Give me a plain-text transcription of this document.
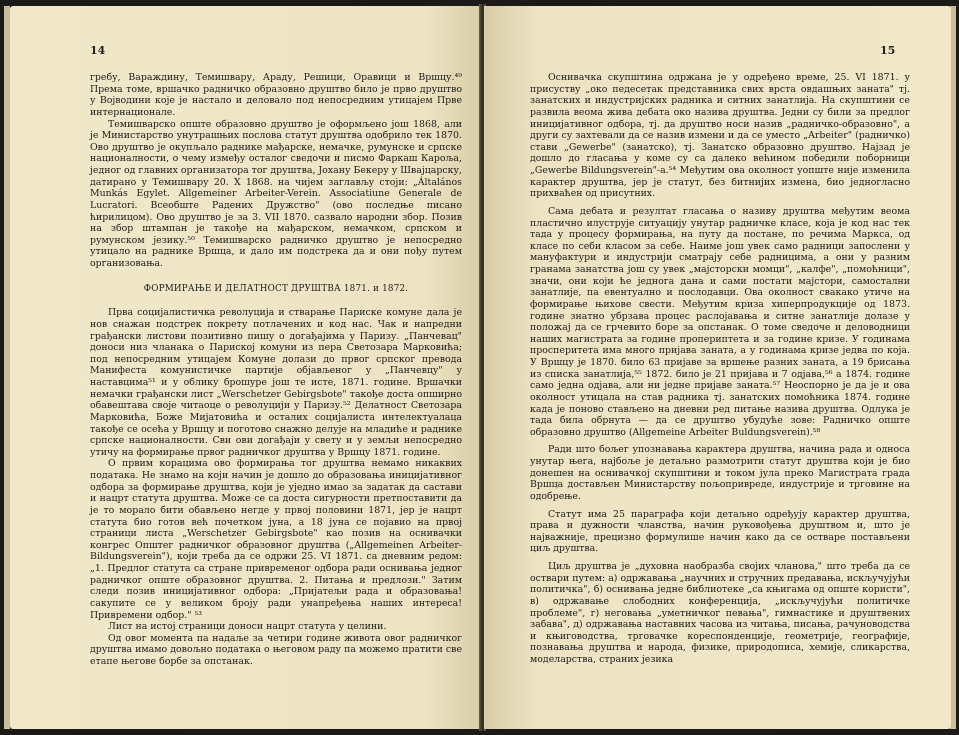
14

гребу, Вараждину, Темишвару, Араду, Решици, Оравици и Вршцу.⁴⁹ Према томе, вршачко радничко образовно друштво било је прво друштво у Војводини које је настало и деловало под непосредним утицајем Прве интернационале.

Темишварско опште образовно друштво је оформљено још 1868, али је Министарство унутрашњих послова статут друштва одобрило тек 1870. Ово друштво је окупљало раднике мађарске, немачке, румунске и српске националности, о чему између осталог сведочи и писмо Фаркаш Карољa, једног од главних организатора тог друштва, Јохану Бекеру у Швајцарску, датирано у Темишвару 20. X 1868. на чијем заглављу стоји: „Általános Munkás Egylet. Allgemeiner Arbeiter-Verein. Associatiune Generale de Lucratori. Всеобште Радених Дружство" (ово последње писано ћирилицом). Ово друштво је за 3. VII 1870. сазвало народни збор. Позив на збор штампан је такође на мађарском, немачком, српском и румунском језику.⁵⁰ Темишварско радничко друштво је непосредно утицало на раднике Вршца, и дало им подстрека да и они пођу путем организовања.

ФОРМИРАЊЕ И ДЕЛАТНОСТ ДРУШТВА 1871. и 1872.

Прва социјалистичка револуција и стварање Париске комуне дала је нов снажан подстрек покрету потлачених и код нас. Чак и напредни грађански листови позитивно пишу о догађајима у Паризу. „Панчевац" доноси низ чланака о Париској комуни из пера Светозара Марковића; под непосредним утицајем Комуне долази до првог српског превода Манифеста комунистичке партије објављеног у „Панчевцу" у наставцима⁵¹ и у облику брошуре још те исте, 1871. године. Вршачки немачки грађански лист „Werschetzer Gebirgsbote" такође доста опширно обавештава своје читаоце о револуцији у Паризу.⁵² Делатност Светозара Марковића, Боже Мијатовића и осталих социјалиста интелектуалаца такође се осећа у Вршцу и поготово снажно делује на младиће и раднике српске националности. Сви ови догађаји у свету и у земљи непосредно утичу на формирање првог радничког друштва у Вршцу 1871. године.

О првим корацима ово формирања тог друштва немамо никаквих података. Не знамо на који начин је дошло до образовања иницијативног одбора за формирање друштва, који је уједно имао за задатак да састави и нацрт статута друштва. Може се са доста сигурности претпоставити да је то морало бити обављено негде у првој половини 1871, јер је нацрт статута био готов већ почетком јуна, а 18 јуна се појавио на првој страници листа „Werschetzer Gebirgsbote" као позив на оснивачки конгрес Општег радничког образовног друштва („Allgemeinen Arbeiter-Bildungsverein"), који треба да се одржи 25. VI 1871. са дневним редом: „1. Предлог статута са стране привременог одбора ради оснивања једног радничког опште образовног друштва. 2. Питања и предлози." Затим следи позив иницијативног одбора: „Пријатељи рада и образовања! сакупите се у великом броју ради унапређења наших интереса! Привремени одбор." ⁵³

Лист на истој страници доноси нацрт статута у целини.

Од овог момента па надаље за четири године живота овог радничког друштва имамо довољно података о његовом раду па можемо пратити све етапе његове борбе за опстанак.

15

Оснивачка скупштина одржана је у одређено време, 25. VI 1871. у присуству „око педесетак представника свих врста овдашњих заната" тј. занатских и индустријских радника и ситних занатлија. На скупштини се развила веома жива дебата око назива друштва. Једни су били за предлог иницијативног одбора, тј. да друштво носи назив „радничко-образовно", а други су захтевали да се назив измени и да се уместо „Arbeiter" (радничко) стави „Gewerbe" (занатско), тј. Занатско образовно друштво. Најзад је дошло до гласања у коме су са далеко већином победили поборници „Gewerbe Bildungsverein"-а.⁵⁴ Међутим ова околност уопште није изменила карактер друштва, јер је статут, без битнијих измена, био једногласно прихваћен од присутних.

Сама дебата и резултат гласања о називу друштва међутим веома пластично илуструје ситуацију унутар радничке класе, која је код нас тек тада у процесу формирања, на путу да постане, по речима Маркса, од класе по себи класом за себе. Наиме још увек само радници запослени у мануфактури и индустрији сматрају себе радницима, а они у разним гранама занатства још су увек „мајсторски момци", „калфе", „помоћници", значи, они који ће једнога дана и сами постати мајстори, самостални занатлије, па евентуално и послодавци. Ова околност свакако утиче на формирање њихове свести. Међутим криза хиперпродукције од 1873. године знатно убрзава процес раслојавања и ситне занатлије долазе у положај да се грчевито боре за опстанак. О томе сведоче и деловодници наших магистрата за године пропериптета и за године кризе. У годинама просперитета има много пријава заната, а у годинама кризе једва по која. У Вршцу је 1870. било 63 пријаве за вршење разних заната, а 19 брисања из списка занатлија,⁵⁵ 1872. било је 21 пријава и 7 одјава,⁵⁶ а 1874. године само једна одјава, али ни једне пријаве заната.⁵⁷ Неоспорно је да је и ова околност утицала на став радника тј. занатских помоћника 1874. године када је поново стављено на дневни ред питање назива друштва. Одлука је тада била обрнута — да се друштво убудуће зове: Радничко опште образовно друштво (Allgemeine Arbeiter Buldungsverein).⁵⁸

Ради што бољег упознавања карактера друштва, начина рада и односа унутар њега, најбоље је детаљно размотрити статут друштва који је био донешен на оснивачкој скупштини и током јула преко Магистрата града Вршца достављен Министарству пољопривреде, индустрије и трговине на одобрење.

Статут има 25 параграфа који детаљно одређују карактер друштва, права и дужности чланства, начин руковођења друштвом и, што је најважније, прецизно формулише начин како да се остваре постављени циљ друштва.

Циљ друштва је „духовна наобразба својих чланова," што треба да се оствари путем: а) одржавања „научних и стручних предавања, искључујући политичка", б) оснивања једне библиотеке „са књигама од опште користи", в) одржавање слободних конференција, „искључујући политичке проблеме", г) неговања „уметничког певања", гимнастике и друштвених забава", д) одржавања наставних часова из читања, писања, рачуноводства и књиговодства, трговачке кореспонденције, геометрије, географије, познавања друштва и народа, физике, природописа, хемије, сликарства, моделарства, страних језика
